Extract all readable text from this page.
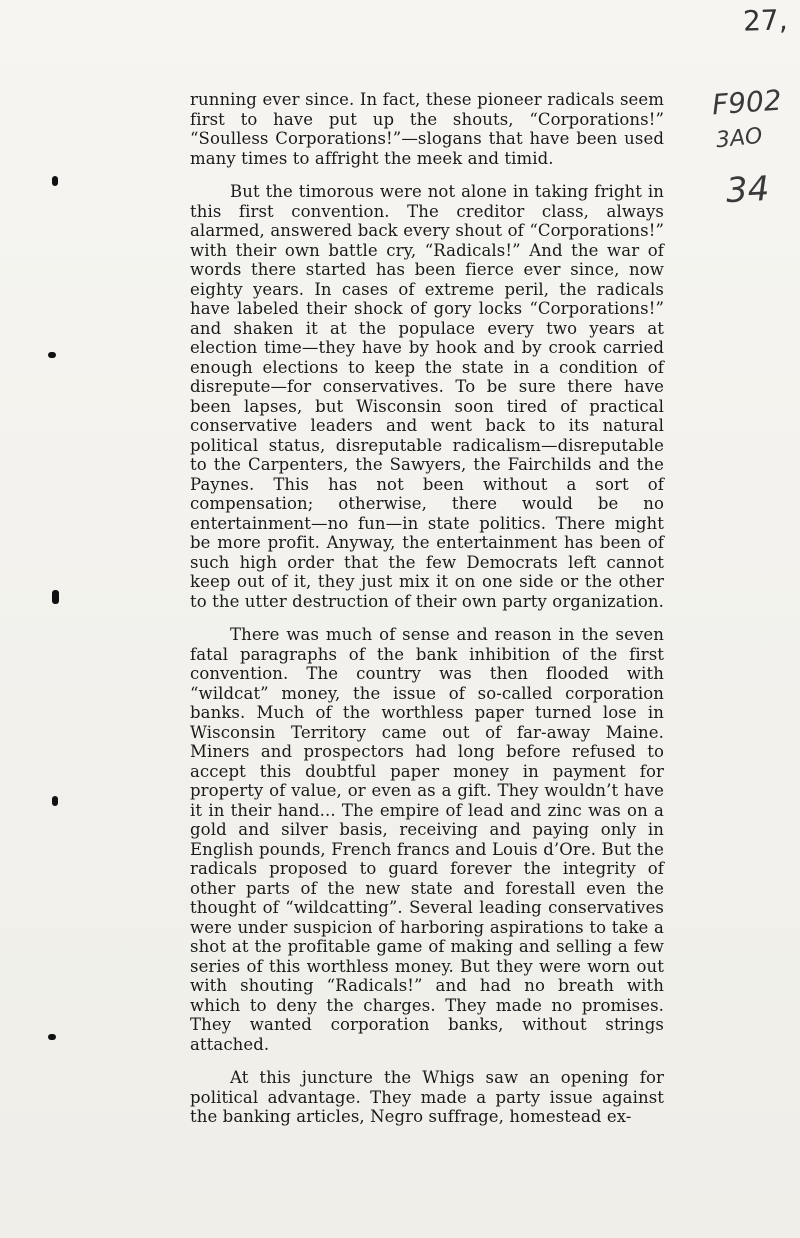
27,
F902
3AO
34

running ever since. In fact, these pioneer radicals seem first to have put up the shouts, “Corporations!” “Soulless Corporations!”—slogans that have been used many times to affright the meek and timid.

But the timorous were not alone in taking fright in this first convention. The creditor class, always alarmed, answered back every shout of “Corporations!” with their own battle cry, “Radicals!” And the war of words there started has been fierce ever since, now eighty years. In cases of extreme peril, the radicals have labeled their shock of gory locks “Corporations!” and shaken it at the populace every two years at election time—they have by hook and by crook carried enough elections to keep the state in a condition of disrepute—for conservatives. To be sure there have been lapses, but Wisconsin soon tired of practical conservative leaders and went back to its natural political status, disreputable radicalism—disreputable to the Carpenters, the Sawyers, the Fairchilds and the Paynes. This has not been without a sort of compensation; otherwise, there would be no entertainment—no fun—in state politics. There might be more profit. Anyway, the entertainment has been of such high order that the few Democrats left cannot keep out of it, they just mix it on one side or the other to the utter destruction of their own party organization.

There was much of sense and reason in the seven fatal paragraphs of the bank inhibition of the first convention. The country was then flooded with “wildcat” money, the issue of so-called corporation banks. Much of the worthless paper turned lose in Wisconsin Territory came out of far-away Maine. Miners and prospectors had long before refused to accept this doubtful paper money in payment for property of value, or even as a gift. They wouldn’t have it in their hand... The empire of lead and zinc was on a gold and silver basis, receiving and paying only in English pounds, French francs and Louis d’Ore. But the radicals proposed to guard forever the integrity of other parts of the new state and forestall even the thought of “wildcatting”. Several leading conservatives were under suspicion of harboring aspirations to take a shot at the profitable game of making and selling a few series of this worthless money. But they were worn out with shouting “Radicals!” and had no breath with which to deny the charges. They made no promises. They wanted corporation banks, without strings attached.

At this juncture the Whigs saw an opening for political advantage. They made a party issue against the banking articles, Negro suffrage, homestead ex-
